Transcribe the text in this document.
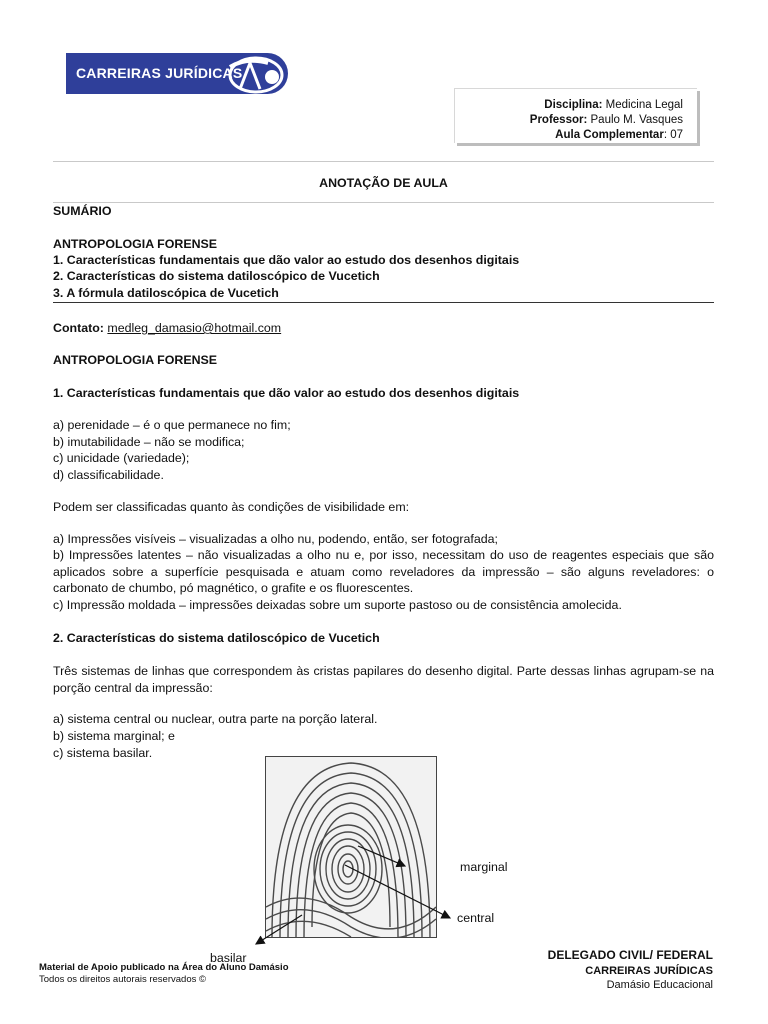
CARREIRAS JURÍDICAS
Disciplina: Medicina Legal
Professor: Paulo M. Vasques
Aula Complementar: 07
ANOTAÇÃO DE AULA
SUMÁRIO
ANTROPOLOGIA FORENSE
1. Características fundamentais que dão valor ao estudo dos desenhos digitais
2. Características do sistema datiloscópico de Vucetich
3. A fórmula datiloscópica de Vucetich
Contato: medleg_damasio@hotmail.com
ANTROPOLOGIA FORENSE
1. Características fundamentais que dão valor ao estudo dos desenhos digitais
a) perenidade – é o que permanece no fim;
b) imutabilidade – não se modifica;
c) unicidade (variedade);
d) classificabilidade.
Podem ser classificadas quanto às condições de visibilidade em:
a) Impressões visíveis – visualizadas a olho nu, podendo, então, ser fotografada;
b) Impressões latentes – não visualizadas a olho nu e, por isso, necessitam do uso de reagentes especiais que são aplicados sobre a superfície pesquisada e atuam como reveladores da impressão – são alguns reveladores: o carbonato de chumbo, pó magnético, o grafite e os fluorescentes.
c) Impressão moldada – impressões deixadas sobre um suporte pastoso ou de consistência amolecida.
2. Características do sistema datiloscópico de Vucetich
Três sistemas de linhas que correspondem às cristas papilares do desenho digital. Parte dessas linhas agrupam-se na porção central da impressão:
a) sistema central ou nuclear, outra parte na porção lateral.
b) sistema marginal; e
c) sistema basilar.
marginal
central
basilar
Material de Apoio publicado na Área do Aluno Damásio
Todos os direitos autorais reservados ©
DELEGADO CIVIL/ FEDERAL
CARREIRAS JURÍDICAS
Damásio Educacional
